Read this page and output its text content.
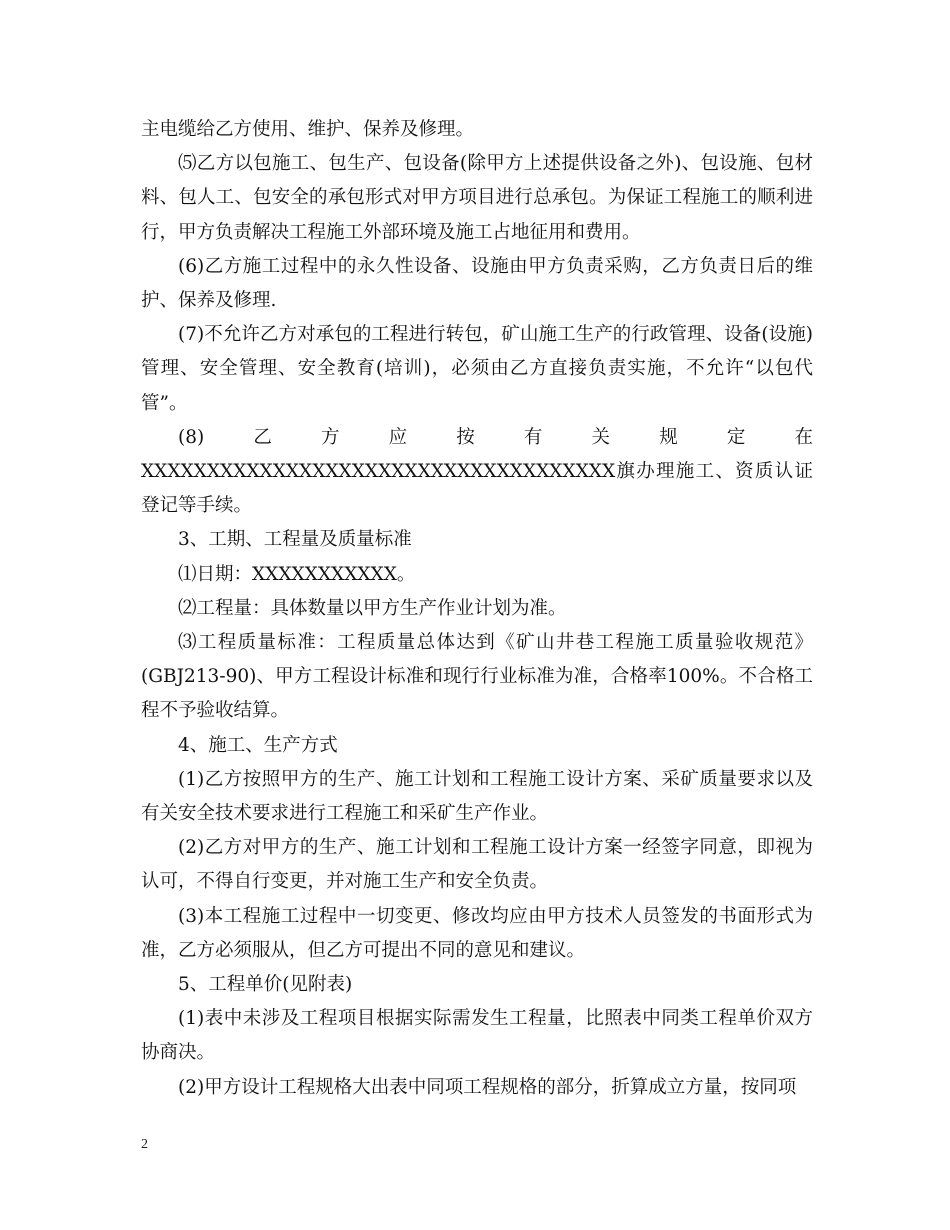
主电缆给乙方使用、维护、保养及修理。

⑸乙方以包施工、包生产、包设备(除甲方上述提供设备之外)、包设施、包材料、包人工、包安全的承包形式对甲方项目进行总承包。为保证工程施工的顺利进行，甲方负责解决工程施工外部环境及施工占地征用和费用。

(6)乙方施工过程中的永久性设备、设施由甲方负责采购，乙方负责日后的维护、保养及修理.

(7)不允许乙方对承包的工程进行转包，矿山施工生产的行政管理、设备(设施)管理、安全管理、安全教育(培训)，必须由乙方直接负责实施，不允许“以包代管”。

(8)乙方应按有关规定在XXXXXXXXXXXXXXXXXXXXXXXXXXXXXXXXXXXX旗办理施工、资质认证登记等手续。

3、工期、工程量及质量标准

⑴日期：XXXXXXXXXXX。

⑵工程量：具体数量以甲方生产作业计划为准。

⑶工程质量标准：工程质量总体达到《矿山井巷工程施工质量验收规范》(GBJ213-90)、甲方工程设计标准和现行行业标准为准，合格率100%。不合格工程不予验收结算。

4、施工、生产方式

(1)乙方按照甲方的生产、施工计划和工程施工设计方案、采矿质量要求以及有关安全技术要求进行工程施工和采矿生产作业。

(2)乙方对甲方的生产、施工计划和工程施工设计方案一经签字同意，即视为认可，不得自行变更，并对施工生产和安全负责。

(3)本工程施工过程中一切变更、修改均应由甲方技术人员签发的书面形式为准，乙方必须服从，但乙方可提出不同的意见和建议。

5、工程单价(见附表)

(1)表中未涉及工程项目根据实际需发生工程量，比照表中同类工程单价双方协商决。

(2)甲方设计工程规格大出表中同项工程规格的部分，折算成立方量，按同项

2
